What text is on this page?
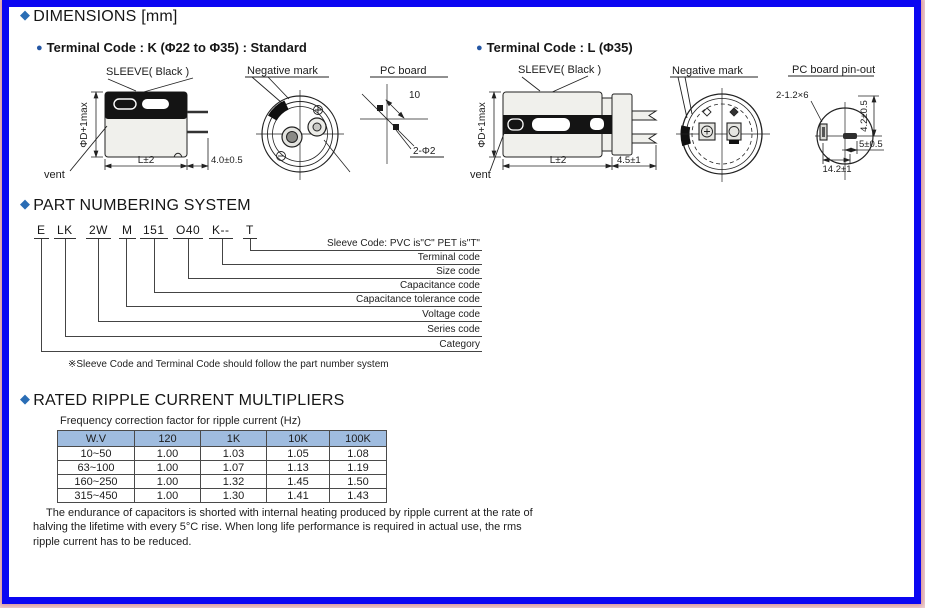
◆ DIMENSIONS [mm]
● Terminal Code : K (Φ22 to Φ35) : Standard	● Terminal Code : L (Φ35)
SLEEVE( Black )
ΦD+1max
vent
L±2	4.0±0.5
Negative mark	PC board
10
2-Φ2
SLEEVE( Black )
ΦD+1max
vent
L±2	4.5±1
Negative mark	PC board pin-out
2-1.2×6
4.2±0.5
5±0.5
14.2±1
◆ PART NUMBERING SYSTEM
E LK 2W M 151 O40 K-- T
Sleeve Code: PVC is"C" PET is"T"
Terminal code
Size code
Capacitance code
Capacitance tolerance code
Voltage code
Series code
Category
※Sleeve Code and Terminal Code should follow the part number system
◆ RATED RIPPLE CURRENT MULTIPLIERS
Frequency correction factor for ripple current (Hz)
W.V	120	1K	10K	100K
10~50	1.00	1.03	1.05	1.08
63~100	1.00	1.07	1.13	1.19
160~250	1.00	1.32	1.45	1.50
315~450	1.00	1.30	1.41	1.43
The endurance of capacitors is shorted with internal heating produced by ripple current at the rate of halving the lifetime with every 5°C rise. When long life performance is required in actual use, the rms ripple current has to be reduced.
